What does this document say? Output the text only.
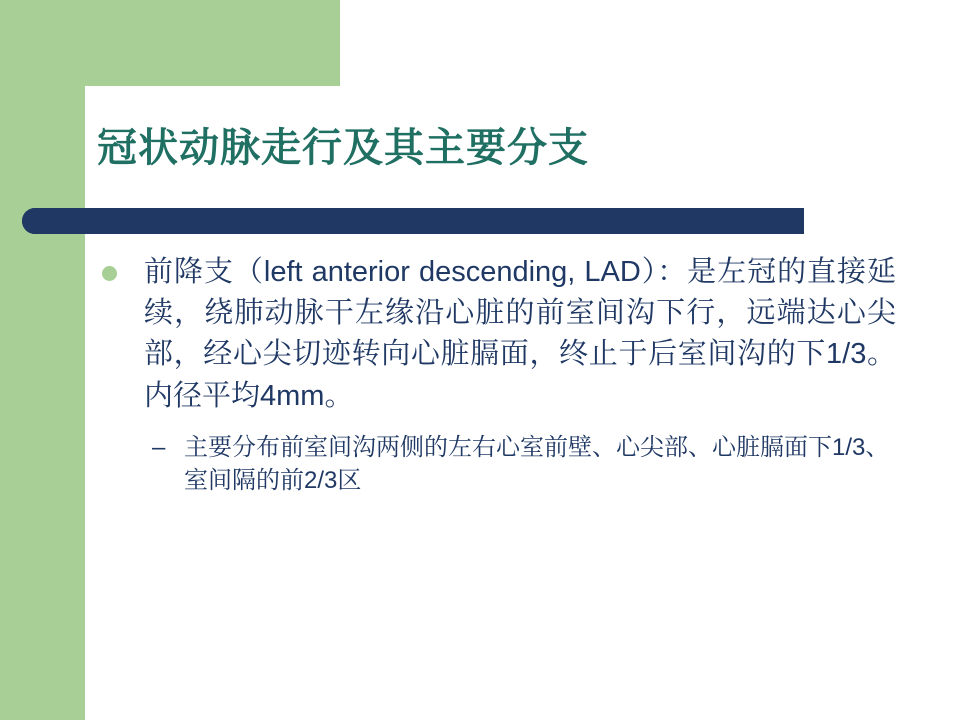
冠状动脉走行及其主要分支
前降支（left anterior descending, LAD）：是左冠的直接延续，绕肺动脉干左缘沿心脏的前室间沟下行，远端达心尖部，经心尖切迹转向心脏膈面，终止于后室间沟的下1/3。内径平均4mm。
– 主要分布前室间沟两侧的左右心室前壁、心尖部、心脏膈面下1/3、室间隔的前2/3区
